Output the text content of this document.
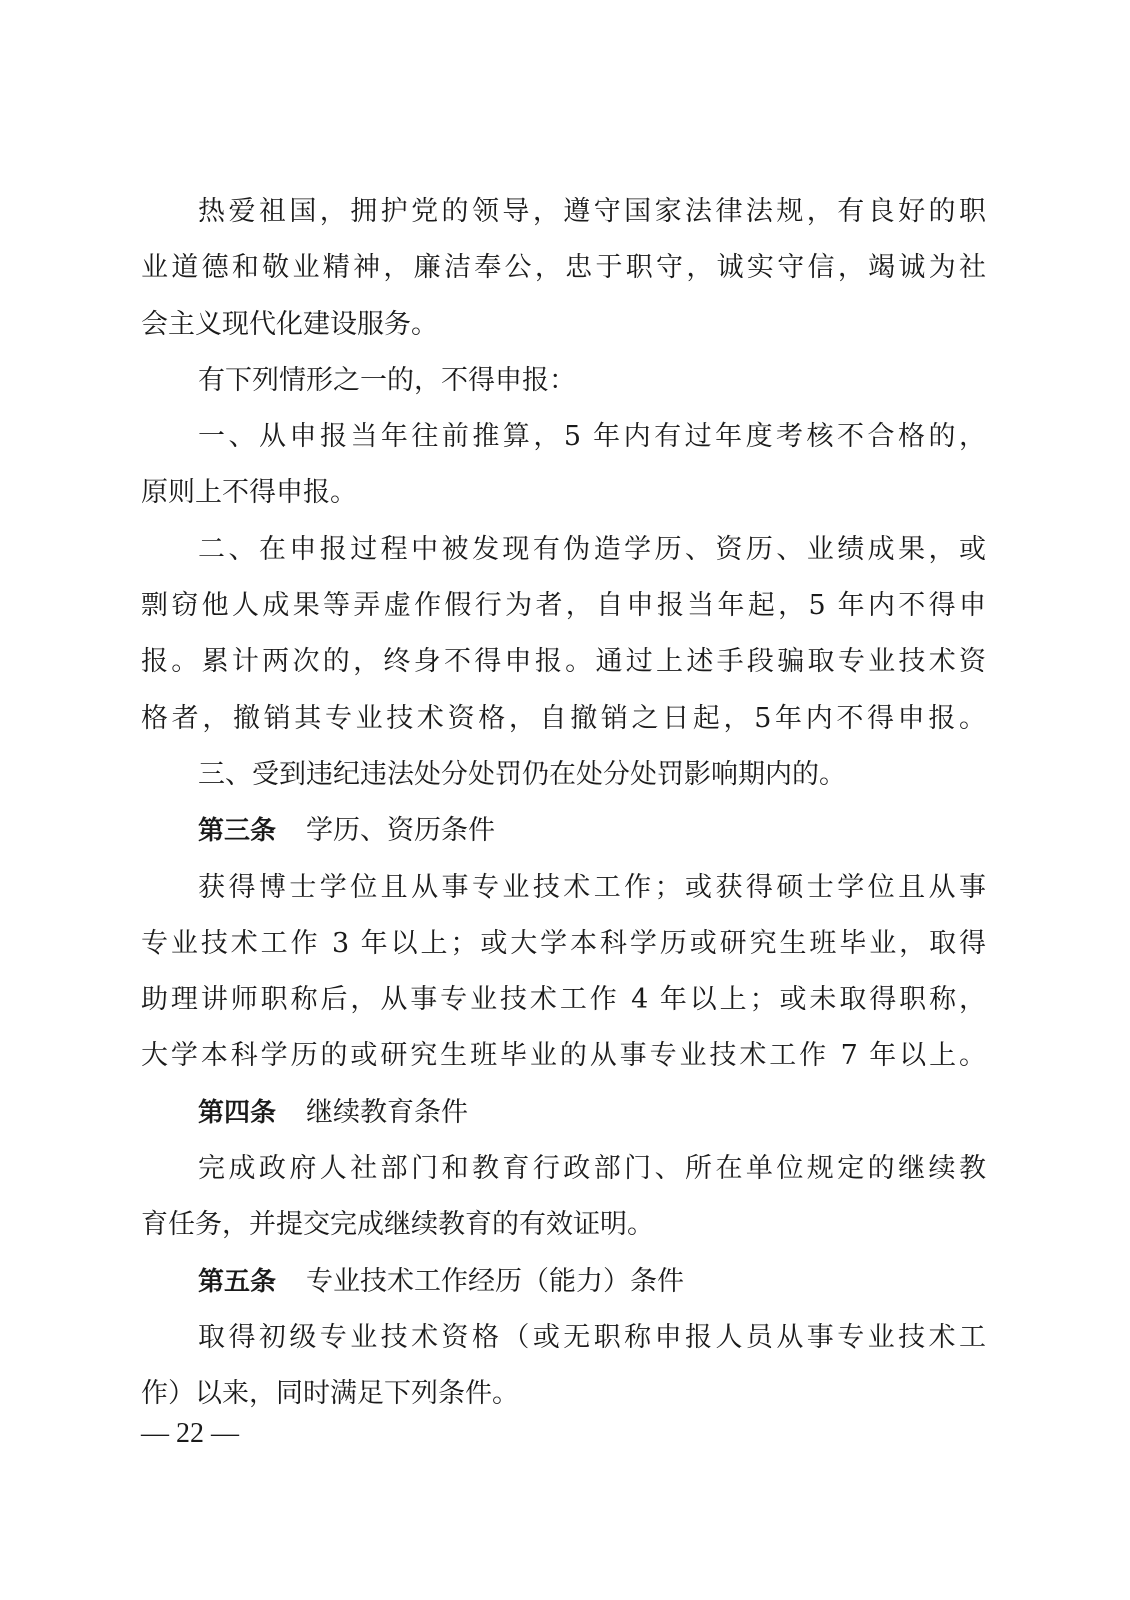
热爱祖国，拥护党的领导，遵守国家法律法规，有良好的职
业道德和敬业精神，廉洁奉公，忠于职守，诚实守信，竭诚为社
会主义现代化建设服务。
有下列情形之一的，不得申报：
一、从申报当年往前推算，5 年内有过年度考核不合格的，
原则上不得申报。
二、在申报过程中被发现有伪造学历、资历、业绩成果，或
剽窃他人成果等弄虚作假行为者，自申报当年起，5 年内不得申
报。累计两次的，终身不得申报。通过上述手段骗取专业技术资
格者，撤销其专业技术资格，自撤销之日起，5年内不得申报。
三、受到违纪违法处分处罚仍在处分处罚影响期内的。
第三条 学历、资历条件
获得博士学位且从事专业技术工作；或获得硕士学位且从事
专业技术工作 3 年以上；或大学本科学历或研究生班毕业，取得
助理讲师职称后，从事专业技术工作 4 年以上；或未取得职称，
大学本科学历的或研究生班毕业的从事专业技术工作 7 年以上。
第四条 继续教育条件
完成政府人社部门和教育行政部门、所在单位规定的继续教
育任务，并提交完成继续教育的有效证明。
第五条 专业技术工作经历（能力）条件
取得初级专业技术资格（或无职称申报人员从事专业技术工
作）以来，同时满足下列条件。
— 22 —
